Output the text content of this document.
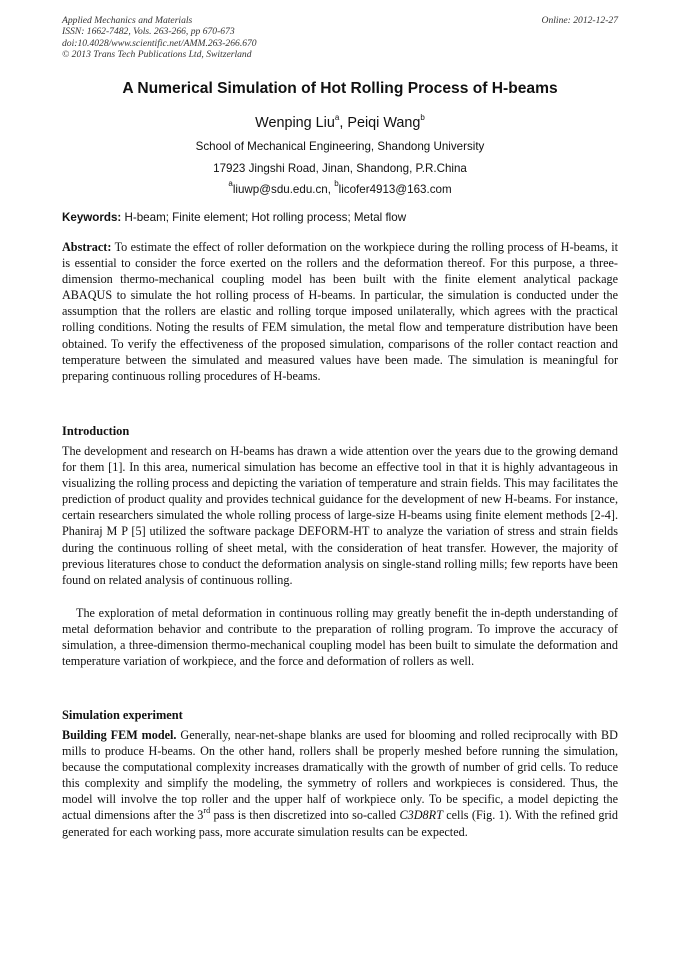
Applied Mechanics and Materials
ISSN: 1662-7482, Vols. 263-266, pp 670-673
doi:10.4028/www.scientific.net/AMM.263-266.670
© 2013 Trans Tech Publications Ltd, Switzerland
Online: 2012-12-27
A Numerical Simulation of Hot Rolling Process of H-beams
Wenping Liu$^a$, Peiqi Wang$^b$
School of Mechanical Engineering, Shandong University
17923 Jingshi Road, Jinan, Shandong, P.R.China
$^a$liuwp@sdu.edu.cn, $^b$licofer4913@163.com
Keywords: H-beam; Finite element; Hot rolling process; Metal flow

Abstract: To estimate the effect of roller deformation on the workpiece during the rolling process of H-beams, it is essential to consider the force exerted on the rollers and the deformation thereof. For this purpose, a three-dimension thermo-mechanical coupling model has been built with the finite element analytical package ABAQUS to simulate the hot rolling process of H-beams. In particular, the simulation is conducted under the assumption that the rollers are elastic and rolling torque imposed unilaterally, which agrees with the practical rolling conditions. Noting the results of FEM simulation, the metal flow and temperature distribution have been obtained. To verify the effectiveness of the proposed simulation, comparisons of the roller contact reaction and temperature between the simulated and measured values have been made. The simulation is meaningful for preparing continuous rolling procedures of H-beams.

Introduction

The development and research on H-beams has drawn a wide attention over the years due to the growing demand for them [1]. In this area, numerical simulation has become an effective tool in that it is highly advantageous in visualizing the rolling process and depicting the variation of temperature and strain fields. This may facilitates the prediction of product quality and provides technical guidance for the development of new H-beams. For instance, certain researchers simulated the whole rolling process of large-size H-beams using finite element methods [2-4]. Phaniraj M P [5] utilized the software package DEFORM-HT to analyze the variation of stress and strain fields during the continuous rolling of sheet metal, with the consideration of heat transfer. However, the majority of previous literatures chose to conduct the deformation analysis on single-stand rolling mills; few reports have been found on related analysis of continuous rolling.

The exploration of metal deformation in continuous rolling may greatly benefit the in-depth understanding of metal deformation behavior and contribute to the preparation of rolling program. To improve the accuracy of simulation, a three-dimension thermo-mechanical coupling model has been built to simulate the deformation and temperature variation of workpiece, and the force and deformation of rollers as well.

Simulation experiment

Building FEM model. Generally, near-net-shape blanks are used for blooming and rolled reciprocally with BD mills to produce H-beams. On the other hand, rollers shall be properly meshed before running the simulation, because the computational complexity increases dramatically with the growth of number of grid cells. To reduce this complexity and simplify the modeling, the symmetry of rollers and workpieces is considered. Thus, the model will involve the top roller and the upper half of workpiece only. To be specific, a model depicting the actual dimensions after the 3rd pass is then discretized into so-called C3D8RT cells (Fig. 1). With the refined grid generated for each working pass, more accurate simulation results can be expected.
